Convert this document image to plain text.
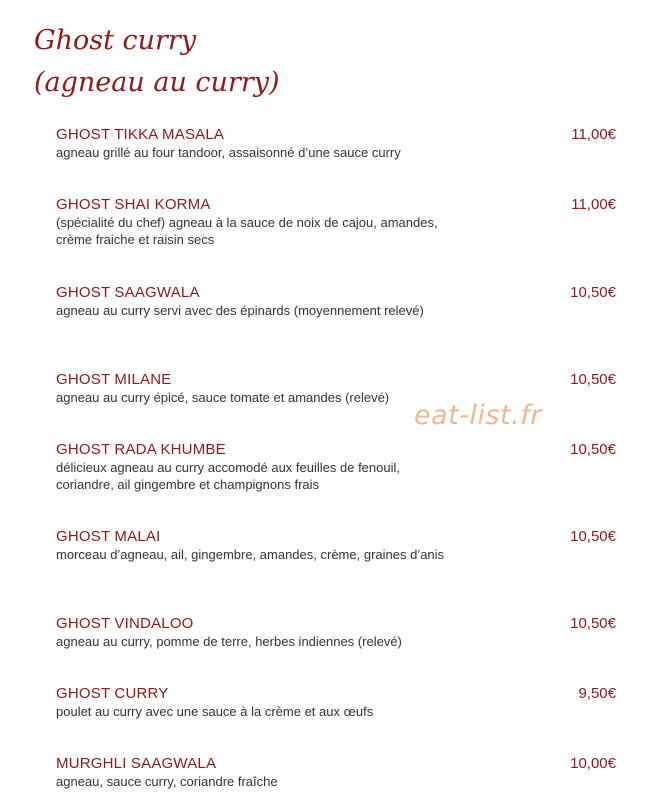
Ghost curry
(agneau au curry)
GHOST TIKKA MASALA
agneau grillé au four tandoor, assaisonné d’une sauce curry
11,00€
GHOST SHAI KORMA
(spécialité du chef) agneau à la sauce de noix de cajou, amandes, crème fraiche et raisin secs
11,00€
GHOST SAAGWALA
agneau au curry servi avec des épinards (moyennement relevé)
10,50€
GHOST MILANE
agneau au curry épicé, sauce tomate et amandes (relevé)
10,50€
GHOST RADA KHUMBE
délicieux agneau au curry accomodé aux feuilles de fenouil, coriandre, ail gingembre et champignons frais
10,50€
GHOST MALAI
morceau d’agneau, ail, gingembre, amandes, crème, graines d’anis
10,50€
GHOST VINDALOO
agneau au curry, pomme de terre, herbes indiennes (relevé)
10,50€
GHOST CURRY
poulet au curry avec une sauce à la crème et aux œufs
9,50€
MURGHLI SAAGWALA
agneau, sauce curry, coriandre fraîche
10,00€
eat-list.fr
